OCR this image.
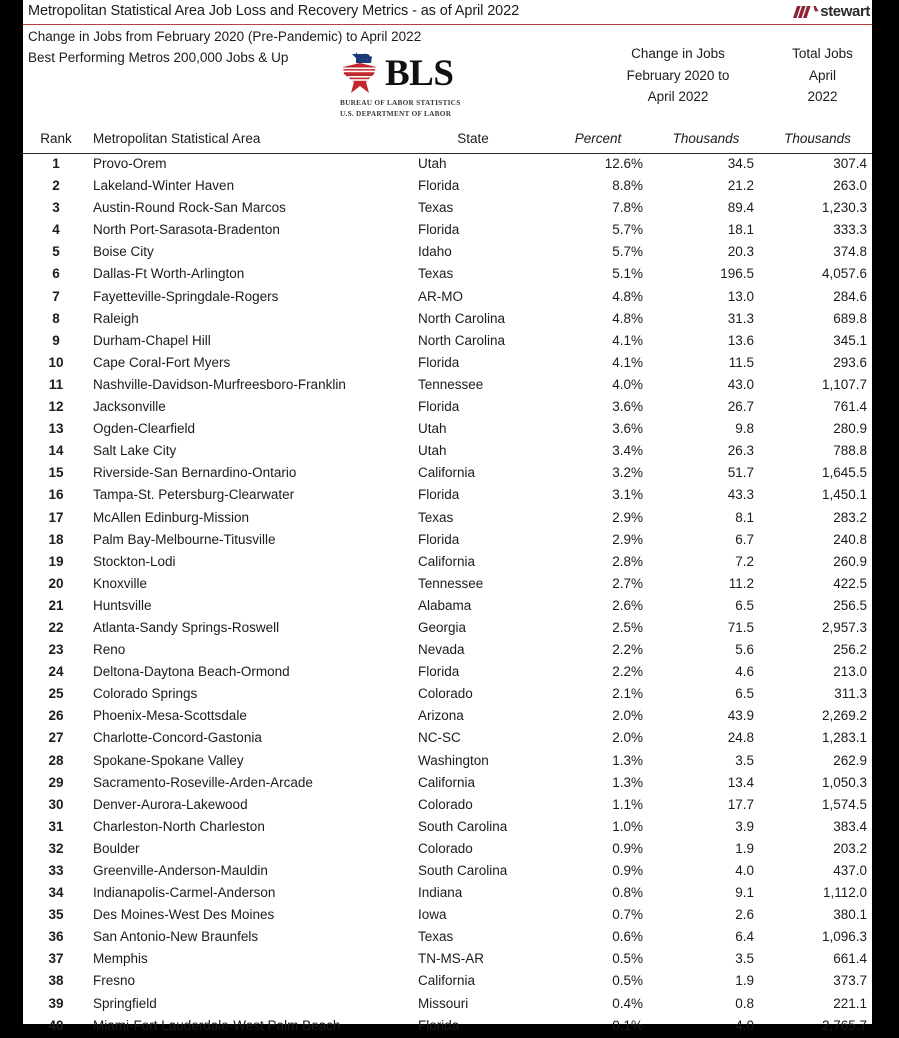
Metropolitan Statistical Area Job Loss and Recovery Metrics - as of April 2022	stewart
Change in Jobs from February 2020 (Pre-Pandemic) to April 2022
Best Performing Metros 200,000 Jobs & Up	BLS
BUREAU OF LABOR STATISTICS
U.S. DEPARTMENT OF LABOR
Change in Jobs
February 2020 to
April 2022
Total Jobs
April
2022
Rank	Metropolitan Statistical Area	State	Percent	Thousands	Thousands
1	Provo-Orem	Utah	12.6%	34.5	307.4
2	Lakeland-Winter Haven	Florida	8.8%	21.2	263.0
3	Austin-Round Rock-San Marcos	Texas	7.8%	89.4	1,230.3
4	North Port-Sarasota-Bradenton	Florida	5.7%	18.1	333.3
5	Boise City	Idaho	5.7%	20.3	374.8
6	Dallas-Ft Worth-Arlington	Texas	5.1%	196.5	4,057.6
7	Fayetteville-Springdale-Rogers	AR-MO	4.8%	13.0	284.6
8	Raleigh	North Carolina	4.8%	31.3	689.8
9	Durham-Chapel Hill	North Carolina	4.1%	13.6	345.1
10	Cape Coral-Fort Myers	Florida	4.1%	11.5	293.6
11	Nashville-Davidson-Murfreesboro-Franklin	Tennessee	4.0%	43.0	1,107.7
12	Jacksonville	Florida	3.6%	26.7	761.4
13	Ogden-Clearfield	Utah	3.6%	9.8	280.9
14	Salt Lake City	Utah	3.4%	26.3	788.8
15	Riverside-San Bernardino-Ontario	California	3.2%	51.7	1,645.5
16	Tampa-St. Petersburg-Clearwater	Florida	3.1%	43.3	1,450.1
17	McAllen Edinburg-Mission	Texas	2.9%	8.1	283.2
18	Palm Bay-Melbourne-Titusville	Florida	2.9%	6.7	240.8
19	Stockton-Lodi	California	2.8%	7.2	260.9
20	Knoxville	Tennessee	2.7%	11.2	422.5
21	Huntsville	Alabama	2.6%	6.5	256.5
22	Atlanta-Sandy Springs-Roswell	Georgia	2.5%	71.5	2,957.3
23	Reno	Nevada	2.2%	5.6	256.2
24	Deltona-Daytona Beach-Ormond	Florida	2.2%	4.6	213.0
25	Colorado Springs	Colorado	2.1%	6.5	311.3
26	Phoenix-Mesa-Scottsdale	Arizona	2.0%	43.9	2,269.2
27	Charlotte-Concord-Gastonia	NC-SC	2.0%	24.8	1,283.1
28	Spokane-Spokane Valley	Washington	1.3%	3.5	262.9
29	Sacramento-Roseville-Arden-Arcade	California	1.3%	13.4	1,050.3
30	Denver-Aurora-Lakewood	Colorado	1.1%	17.7	1,574.5
31	Charleston-North Charleston	South Carolina	1.0%	3.9	383.4
32	Boulder	Colorado	0.9%	1.9	203.2
33	Greenville-Anderson-Mauldin	South Carolina	0.9%	4.0	437.0
34	Indianapolis-Carmel-Anderson	Indiana	0.8%	9.1	1,112.0
35	Des Moines-West Des Moines	Iowa	0.7%	2.6	380.1
36	San Antonio-New Braunfels	Texas	0.6%	6.4	1,096.3
37	Memphis	TN-MS-AR	0.5%	3.5	661.4
38	Fresno	California	0.5%	1.9	373.7
39	Springfield	Missouri	0.4%	0.8	221.1
40	Miami-Fort Lauderdale-West Palm Beach	Florida	0.1%	4.0	2,765.7
